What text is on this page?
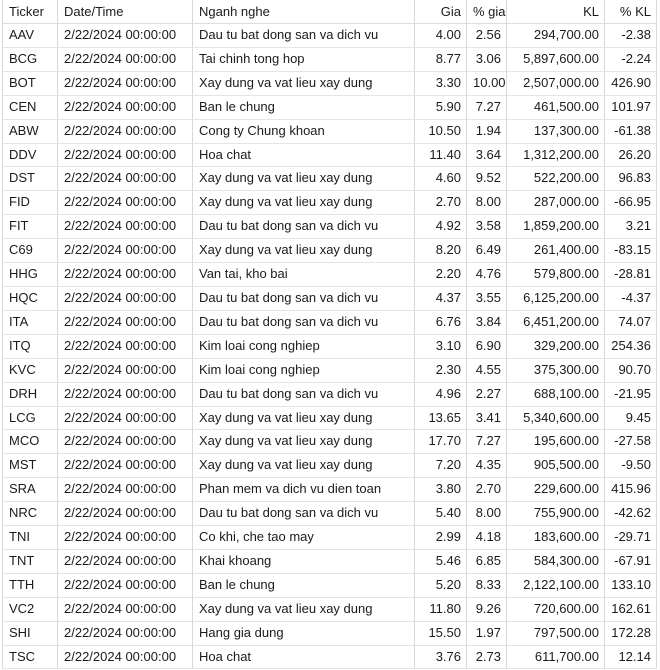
Ticker	Date/Time	Nganh nghe	Gia	% gia	KL	% KL
AAV	2/22/2024 00:00:00	Dau tu bat dong san va dich vu	4.00	2.56	294,700.00	-2.38
BCG	2/22/2024 00:00:00	Tai chinh tong hop	8.77	3.06	5,897,600.00	-2.24
BOT	2/22/2024 00:00:00	Xay dung va vat lieu xay dung	3.30	10.00	2,507,000.00	426.90
CEN	2/22/2024 00:00:00	Ban le chung	5.90	7.27	461,500.00	101.97
ABW	2/22/2024 00:00:00	Cong ty Chung khoan	10.50	1.94	137,300.00	-61.38
DDV	2/22/2024 00:00:00	Hoa chat	11.40	3.64	1,312,200.00	26.20
DST	2/22/2024 00:00:00	Xay dung va vat lieu xay dung	4.60	9.52	522,200.00	96.83
FID	2/22/2024 00:00:00	Xay dung va vat lieu xay dung	2.70	8.00	287,000.00	-66.95
FIT	2/22/2024 00:00:00	Dau tu bat dong san va dich vu	4.92	3.58	1,859,200.00	3.21
C69	2/22/2024 00:00:00	Xay dung va vat lieu xay dung	8.20	6.49	261,400.00	-83.15
HHG	2/22/2024 00:00:00	Van tai, kho bai	2.20	4.76	579,800.00	-28.81
HQC	2/22/2024 00:00:00	Dau tu bat dong san va dich vu	4.37	3.55	6,125,200.00	-4.37
ITA	2/22/2024 00:00:00	Dau tu bat dong san va dich vu	6.76	3.84	6,451,200.00	74.07
ITQ	2/22/2024 00:00:00	Kim loai cong nghiep	3.10	6.90	329,200.00	254.36
KVC	2/22/2024 00:00:00	Kim loai cong nghiep	2.30	4.55	375,300.00	90.70
DRH	2/22/2024 00:00:00	Dau tu bat dong san va dich vu	4.96	2.27	688,100.00	-21.95
LCG	2/22/2024 00:00:00	Xay dung va vat lieu xay dung	13.65	3.41	5,340,600.00	9.45
MCO	2/22/2024 00:00:00	Xay dung va vat lieu xay dung	17.70	7.27	195,600.00	-27.58
MST	2/22/2024 00:00:00	Xay dung va vat lieu xay dung	7.20	4.35	905,500.00	-9.50
SRA	2/22/2024 00:00:00	Phan mem va dich vu dien toan	3.80	2.70	229,600.00	415.96
NRC	2/22/2024 00:00:00	Dau tu bat dong san va dich vu	5.40	8.00	755,900.00	-42.62
TNI	2/22/2024 00:00:00	Co khi, che tao may	2.99	4.18	183,600.00	-29.71
TNT	2/22/2024 00:00:00	Khai khoang	5.46	6.85	584,300.00	-67.91
TTH	2/22/2024 00:00:00	Ban le chung	5.20	8.33	2,122,100.00	133.10
VC2	2/22/2024 00:00:00	Xay dung va vat lieu xay dung	11.80	9.26	720,600.00	162.61
SHI	2/22/2024 00:00:00	Hang gia dung	15.50	1.97	797,500.00	172.28
TSC	2/22/2024 00:00:00	Hoa chat	3.76	2.73	611,700.00	12.14
